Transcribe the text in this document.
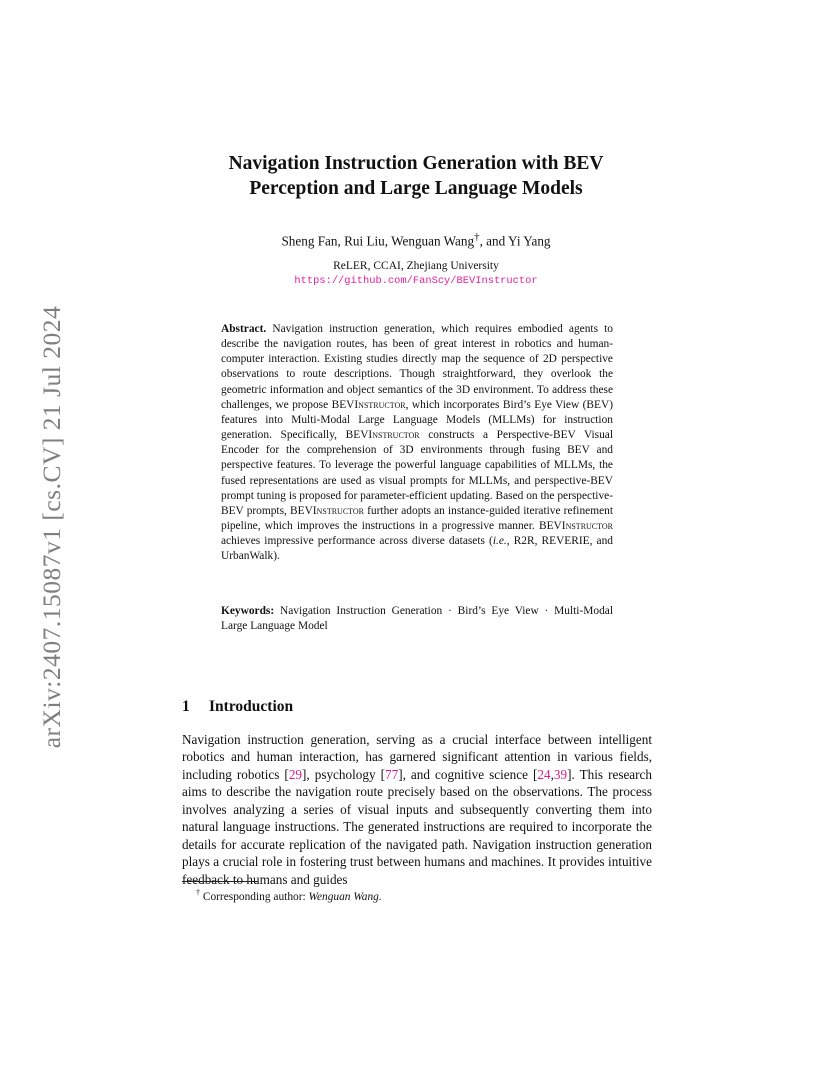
arXiv:2407.15087v1 [cs.CV] 21 Jul 2024
Navigation Instruction Generation with BEV
Perception and Large Language Models
Sheng Fan, Rui Liu, Wenguan Wang†, and Yi Yang
ReLER, CCAI, Zhejiang University
https://github.com/FanScy/BEVInstructor
Abstract. Navigation instruction generation, which requires embodied agents to describe the navigation routes, has been of great interest in robotics and human-computer interaction. Existing studies directly map the sequence of 2D perspective observations to route descriptions. Though straightforward, they overlook the geometric information and object semantics of the 3D environment. To address these challenges, we propose BEVInstructor, which incorporates Bird’s Eye View (BEV) features into Multi-Modal Large Language Models (MLLMs) for instruction generation. Specifically, BEVInstructor constructs a Perspective-BEV Visual Encoder for the comprehension of 3D environments through fusing BEV and perspective features. To leverage the powerful language capabilities of MLLMs, the fused representations are used as visual prompts for MLLMs, and perspective-BEV prompt tuning is proposed for parameter-efficient updating. Based on the perspective-BEV prompts, BEVInstructor further adopts an instance-guided iterative refinement pipeline, which improves the instructions in a progressive manner. BEVInstructor achieves impressive performance across diverse datasets (i.e., R2R, REVERIE, and UrbanWalk).
Keywords: Navigation Instruction Generation · Bird’s Eye View · Multi-Modal Large Language Model
1 Introduction
Navigation instruction generation, serving as a crucial interface between intelligent robotics and human interaction, has garnered significant attention in various fields, including robotics [29], psychology [77], and cognitive science [24,39]. This research aims to describe the navigation route precisely based on the observations. The process involves analyzing a series of visual inputs and subsequently converting them into natural language instructions. The generated instructions are required to incorporate the details for accurate replication of the navigated path. Navigation instruction generation plays a crucial role in fostering trust between humans and machines. It provides intuitive feedback to humans and guides
† Corresponding author: Wenguan Wang.
